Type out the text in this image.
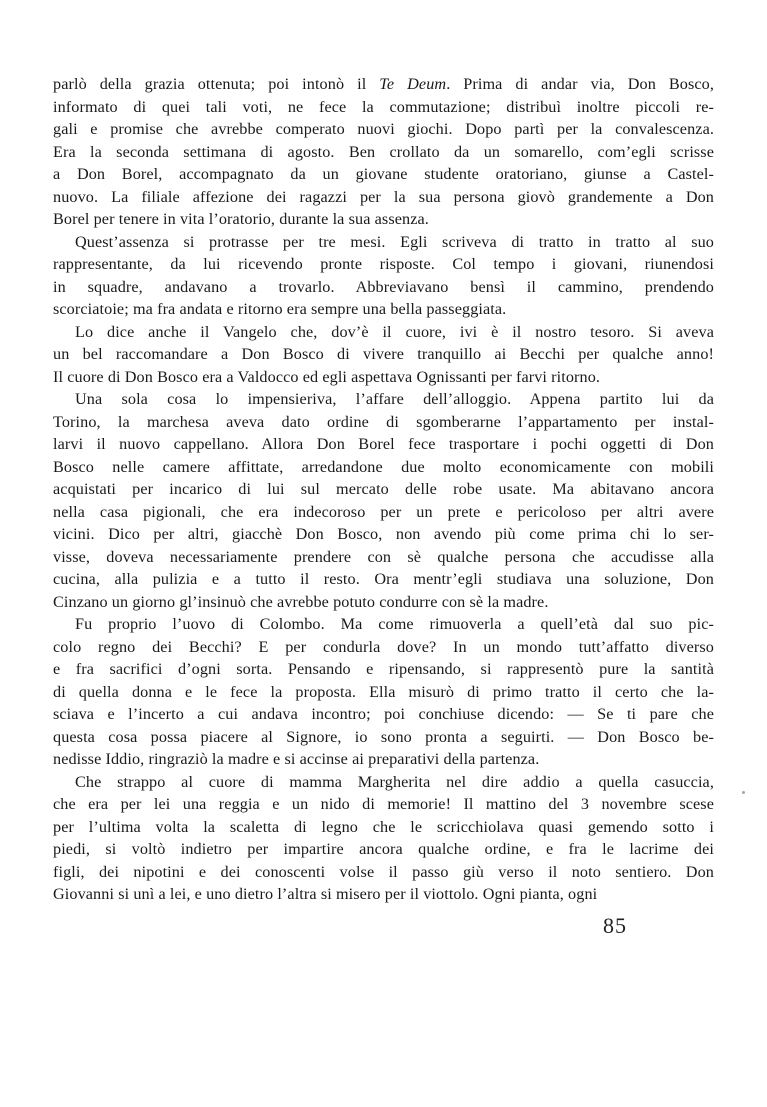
parlò della grazia ottenuta; poi intonò il Te Deum. Prima di andar via, Don Bosco,
informato di quei tali voti, ne fece la commutazione; distribuì inoltre piccoli re-
gali e promise che avrebbe comperato nuovi giochi. Dopo partì per la convalescenza.
Era la seconda settimana di agosto. Ben crollato da un somarello, com’egli scrisse
a Don Borel, accompagnato da un giovane studente oratoriano, giunse a Castel-
nuovo. La filiale affezione dei ragazzi per la sua persona giovò grandemente a Don
Borel per tenere in vita l’oratorio, durante la sua assenza.
Quest’assenza si protrasse per tre mesi. Egli scriveva di tratto in tratto al suo
rappresentante, da lui ricevendo pronte risposte. Col tempo i giovani, riunendosi
in squadre, andavano a trovarlo. Abbreviavano bensì il cammino, prendendo
scorciatoie; ma fra andata e ritorno era sempre una bella passeggiata.
Lo dice anche il Vangelo che, dov’è il cuore, ivi è il nostro tesoro. Si aveva
un bel raccomandare a Don Bosco di vivere tranquillo ai Becchi per qualche anno!
Il cuore di Don Bosco era a Valdocco ed egli aspettava Ognissanti per farvi ritorno.
Una sola cosa lo impensieriva, l’affare dell’alloggio. Appena partito lui da
Torino, la marchesa aveva dato ordine di sgomberarne l’appartamento per instal-
larvi il nuovo cappellano. Allora Don Borel fece trasportare i pochi oggetti di Don
Bosco nelle camere affittate, arredandone due molto economicamente con mobili
acquistati per incarico di lui sul mercato delle robe usate. Ma abitavano ancora
nella casa pigionali, che era indecoroso per un prete e pericoloso per altri avere
vicini. Dico per altri, giacchè Don Bosco, non avendo più come prima chi lo ser-
visse, doveva necessariamente prendere con sè qualche persona che accudisse alla
cucina, alla pulizia e a tutto il resto. Ora mentr’egli studiava una soluzione, Don
Cinzano un giorno gl’insinuò che avrebbe potuto condurre con sè la madre.
Fu proprio l’uovo di Colombo. Ma come rimuoverla a quell’età dal suo pic-
colo regno dei Becchi? E per condurla dove? In un mondo tutt’affatto diverso
e fra sacrifici d’ogni sorta. Pensando e ripensando, si rappresentò pure la santità
di quella donna e le fece la proposta. Ella misurò di primo tratto il certo che la-
sciava e l’incerto a cui andava incontro; poi conchiuse dicendo: — Se ti pare che
questa cosa possa piacere al Signore, io sono pronta a seguirti. — Don Bosco be-
nedisse Iddio, ringraziò la madre e si accinse ai preparativi della partenza.
Che strappo al cuore di mamma Margherita nel dire addio a quella casuccia,
che era per lei una reggia e un nido di memorie! Il mattino del 3 novembre scese
per l’ultima volta la scaletta di legno che le scricchiolava quasi gemendo sotto i
piedi, si voltò indietro per impartire ancora qualche ordine, e fra le lacrime dei
figli, dei nipotini e dei conoscenti volse il passo giù verso il noto sentiero. Don
Giovanni si unì a lei, e uno dietro l’altra si misero per il viottolo. Ogni pianta, ogni
85
